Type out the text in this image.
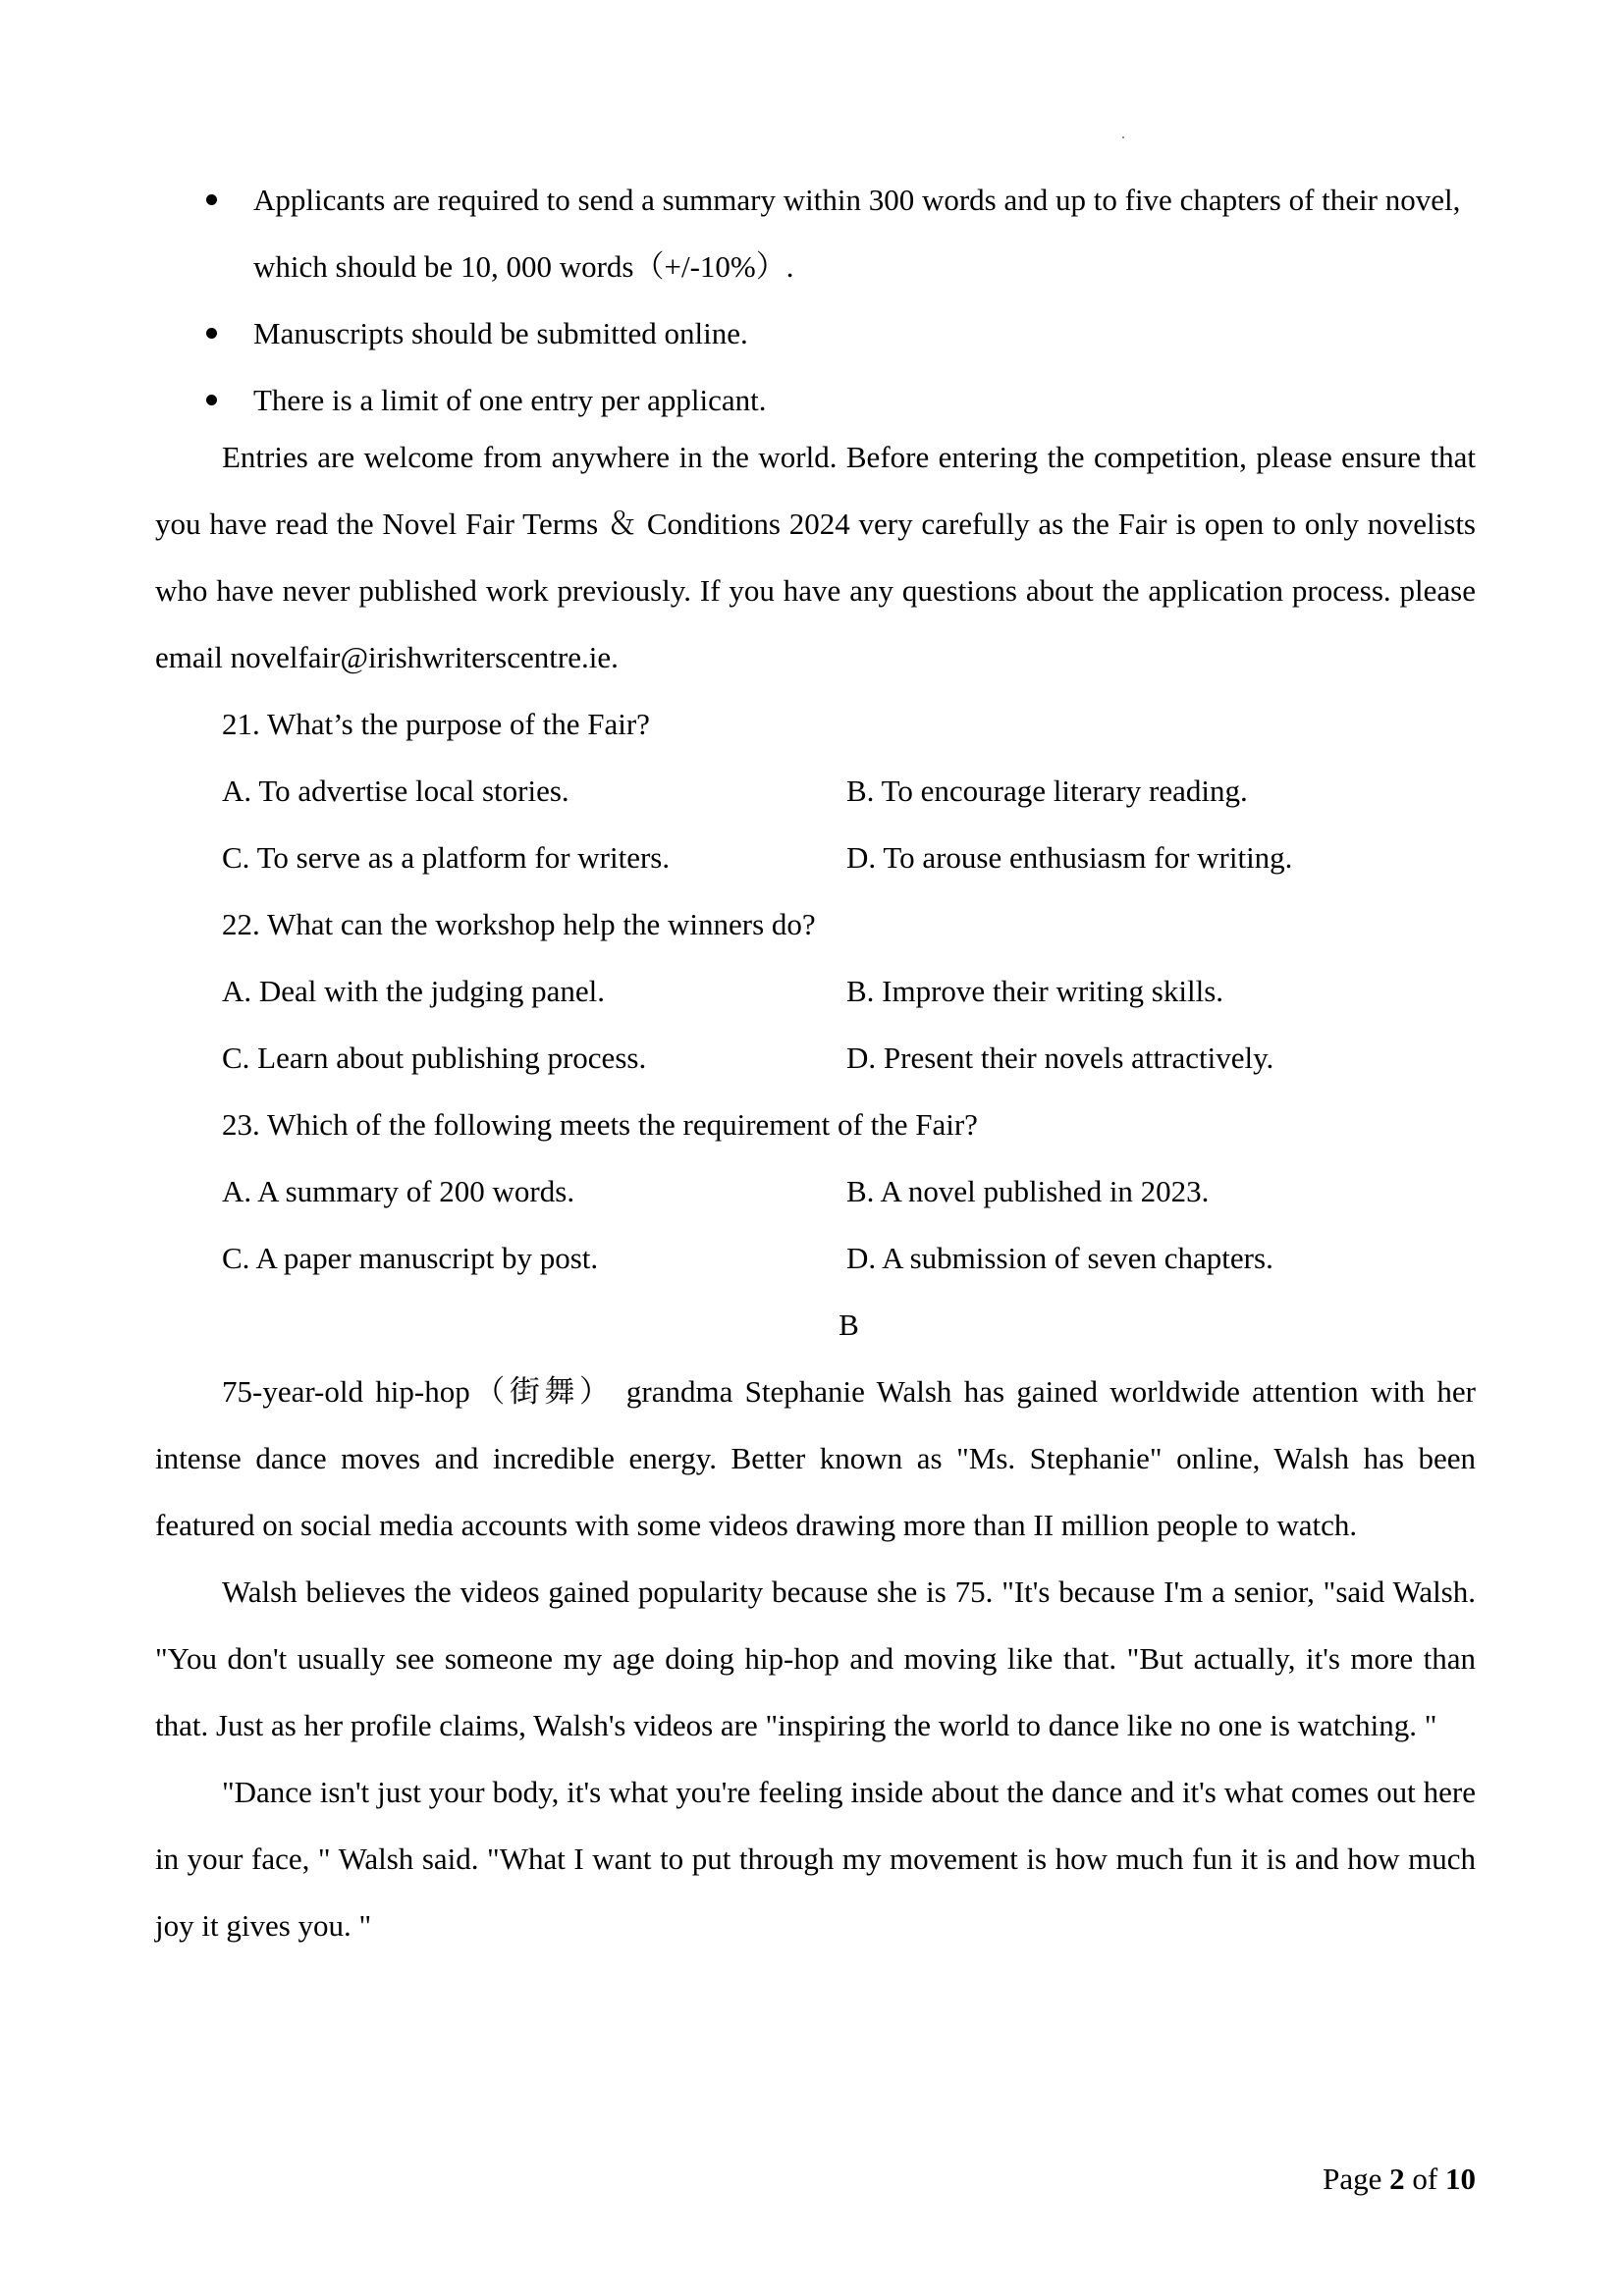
Applicants are required to send a summary within 300 words and up to five chapters of their novel, which should be 10, 000 words（+/-10%）.
Manuscripts should be submitted online.
There is a limit of one entry per applicant.

Entries are welcome from anywhere in the world. Before entering the competition, please ensure that you have read the Novel Fair Terms ＆ Conditions 2024 very carefully as the Fair is open to only novelists who have never published work previously. If you have any questions about the application process. please email novelfair@irishwriterscentre.ie.

21. What’s the purpose of the Fair?

A. To advertise local stories.	B. To encourage literary reading.
C. To serve as a platform for writers.	D. To arouse enthusiasm for writing.

22. What can the workshop help the winners do?

A. Deal with the judging panel.	B. Improve their writing skills.
C. Learn about publishing process.	D. Present their novels attractively.

23. Which of the following meets the requirement of the Fair?

A. A summary of 200 words.	B. A novel published in 2023.
C. A paper manuscript by post.	D. A submission of seven chapters.

B

75-year-old hip-hop（街舞） grandma Stephanie Walsh has gained worldwide attention with her intense dance moves and incredible energy. Better known as "Ms. Stephanie" online, Walsh has been featured on social media accounts with some videos drawing more than II million people to watch.

Walsh believes the videos gained popularity because she is 75. "It's because I'm a senior, "said Walsh. "You don't usually see someone my age doing hip-hop and moving like that. "But actually, it's more than that. Just as her profile claims, Walsh's videos are "inspiring the world to dance like no one is watching. "

"Dance isn't just your body, it's what you're feeling inside about the dance and it's what comes out here in your face, " Walsh said. "What I want to put through my movement is how much fun it is and how much joy it gives you. "

Page 2 of 10
